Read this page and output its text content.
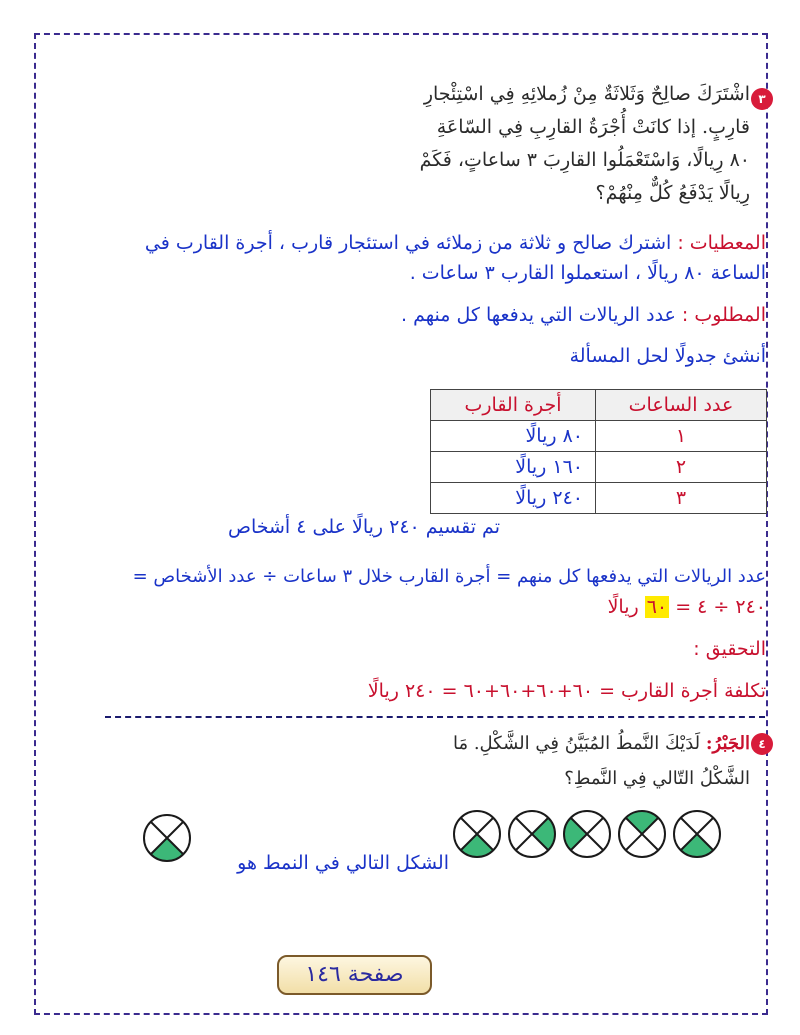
٣
اشْتَرَكَ صالِحٌ وَثَلاثَةٌ مِنْ زُملائِهِ فِي اسْتِئْجارِ
قارِبٍ. إذا كانَتْ أُجْرَةُ القارِبِ فِي السّاعَةِ
٨٠ رِيالًا، وَاسْتَعْمَلُوا القارِبَ ٣ ساعاتٍ، فَكَمْ
رِيالًا يَدْفَعُ كُلٌّ مِنْهُمْ؟
المعطيات : اشترك صالح و ثلاثة من زملائه في استئجار قارب ، أجرة القارب في
الساعة ٨٠ ريالًا ، استعملوا القارب ٣ ساعات .
المطلوب : عدد الريالات التي يدفعها كل منهم .
أنشئ جدولًا لحل المسألة
عدد الساعات	أجرة القارب
١	٨٠ ريالًا
٢	١٦٠ ريالًا
٣	٢٤٠ ريالًا
تم تقسيم ٢٤٠ ريالًا على ٤ أشخاص
عدد الريالات التي يدفعها كل منهم = أجرة القارب خلال ٣ ساعات ÷ عدد الأشخاص =
٢٤٠ ÷ ٤ = ٦٠ ريالًا
التحقيق :
تكلفة أجرة القارب = ٦٠+٦٠+٦٠+٦٠ = ٢٤٠ ريالًا
٤
الجَبْرُ: لَدَيْكَ النَّمطُ المُبَيَّنُ فِي الشَّكْلِ. مَا
الشَّكْلُ التّالي فِي النَّمطِ؟
الشكل التالي في النمط هو
صفحة ١٤٦
